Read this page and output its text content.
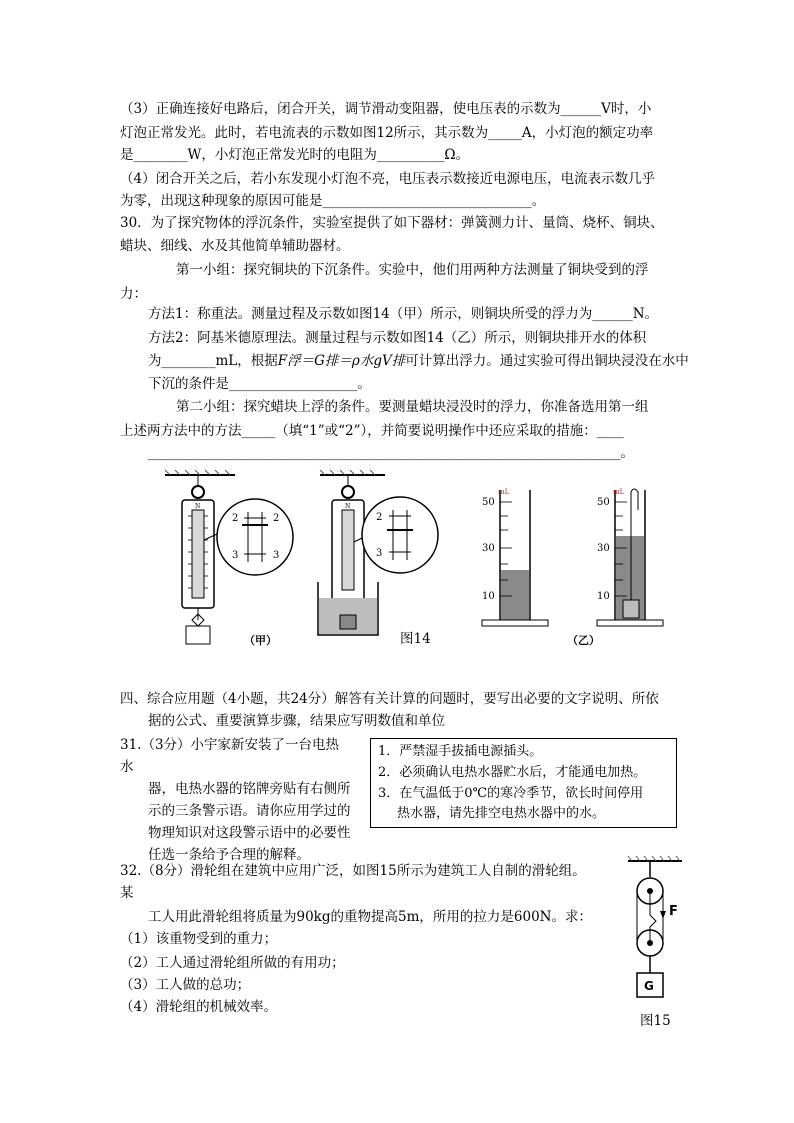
（3）正确连接好电路后，闭合开关，调节滑动变阻器，使电压表的示数为______V时，小
灯泡正常发光。此时，若电流表的示数如图12所示，其示数为_____A，小灯泡的额定功率
是________W，小灯泡正常发光时的电阻为__________Ω。
（4）闭合开关之后，若小东发现小灯泡不亮，电压表示数接近电源电压，电流表示数几乎
为零，出现这种现象的原因可能是_______________________________。
30．为了探究物体的浮沉条件，实验室提供了如下器材：弹簧测力计、量筒、烧杯、铜块、
蜡块、细线、水及其他简单辅助器材。
第一小组：探究铜块的下沉条件。实验中，他们用两种方法测量了铜块受到的浮
力：
方法1：称重法。测量过程及示数如图14（甲）所示，则铜块所受的浮力为______N。
方法2：阿基米德原理法。测量过程与示数如图14（乙）所示，则铜块排开水的体积
为________mL，根据F浮＝G排＝ρ水gV排可计算出浮力。通过实验可得出铜块浸没在水中
下沉的条件是___________________。
第二小组：探究蜡块上浮的条件。要测量蜡块浸没时的浮力，你准备选用第一组
上述两方法中的方法_____（填“1”或“2”），并简要说明操作中还应采取的措施：____
______________________________________________________________________。
N
2	2
3	3
N
2
3
mL
50
30
10
mL
50
30
10
（甲）	图14	（乙）
四、综合应用题（4小题，共24分）解答有关计算的问题时，要写出必要的文字说明、所依
据的公式、重要演算步骤，结果应写明数值和单位
31.（3分）小宇家新安装了一台电热
水
器，电热水器的铭牌旁贴有右侧所
示的三条警示语。请你应用学过的
物理知识对这段警示语中的必要性
任选一条给予合理的解释。
1．严禁湿手拔插电源插头。
2．必须确认电热水器贮水后，才能通电加热。
3．在气温低于0℃的寒冷季节，欲长时间停用
热水器，请先排空电热水器中的水。
32.（8分）滑轮组在建筑中应用广泛，如图15所示为建筑工人自制的滑轮组。
某
工人用此滑轮组将质量为90kg的重物提高5m，所用的拉力是600N。求：
（1）该重物受到的重力；
（2）工人通过滑轮组所做的有用功；
（3）工人做的总功；
（4）滑轮组的机械效率。
F
G
图15
